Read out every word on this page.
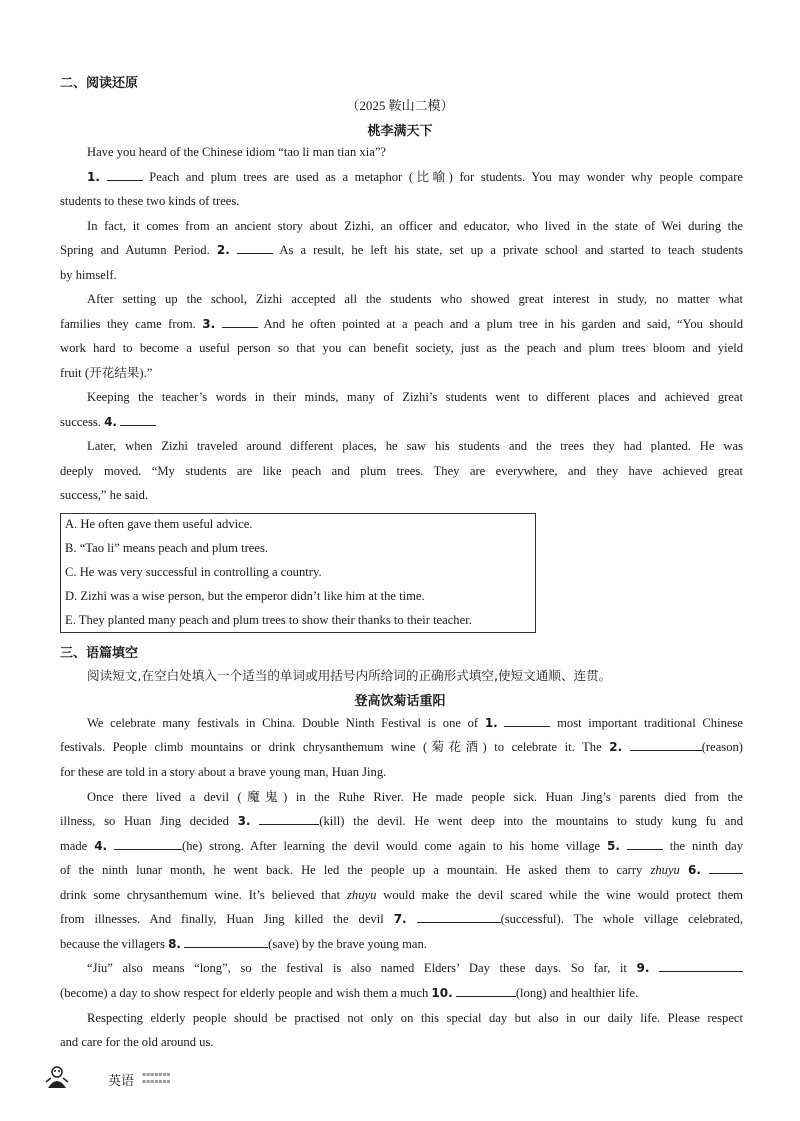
二、阅读还原
（2025 鞍山二模）
桃李满天下
Have you heard of the Chinese idiom “tao li man tian xia”?
1.	Peach and plum trees are used as a metaphor (比喻) for students. You may wonder why people compare
students to these two kinds of trees.
In fact, it comes from an ancient story about Zizhi, an officer and educator, who lived in the state of Wei during the
Spring and Autumn Period. 2.	As a result, he left his state, set up a private school and started to teach students
by himself.
After setting up the school, Zizhi accepted all the students who showed great interest in study, no matter what
families they came from. 3.	And he often pointed at a peach and a plum tree in his garden and said, “You should
work hard to become a useful person so that you can benefit society, just as the peach and plum trees bloom and yield
fruit (开花结果).”
Keeping the teacher’s words in their minds, many of Zizhi’s students went to different places and achieved great
success. 4.
Later, when Zizhi traveled around different places, he saw his students and the trees they had planted. He was
deeply moved. “My students are like peach and plum trees. They are everywhere, and they have achieved great
success,” he said.
A. He often gave them useful advice.
B. “Tao li” means peach and plum trees.
C. He was very successful in controlling a country.
D. Zizhi was a wise person, but the emperor didn’t like him at the time.
E. They planted many peach and plum trees to show their thanks to their teacher.
三、语篇填空
阅读短文,在空白处填入一个适当的单词或用括号内所给词的正确形式填空,使短文通顺、连贯。
登高饮菊话重阳
We celebrate many festivals in China. Double Ninth Festival is one of 1.	most important traditional Chinese
festivals. People climb mountains or drink chrysanthemum wine (菊花酒) to celebrate it. The 2.	(reason)
for these are told in a story about a brave young man, Huan Jing.
Once there lived a devil (魔鬼) in the Ruhe River. He made people sick. Huan Jing’s parents died from the
illness, so Huan Jing decided 3.	(kill) the devil. He went deep into the mountains to study kung fu and
made 4.	(he) strong. After learning the devil would come again to his home village 5.	the ninth day
of the ninth lunar month, he went back. He led the people up a mountain. He asked them to carry zhuyu 6.
drink some chrysanthemum wine. It’s believed that zhuyu would make the devil scared while the wine would protect them
from illnesses. And finally, Huan Jing killed the devil 7.	(successful). The whole village celebrated,
because the villagers 8.	(save) by the brave young man.
“Jiu” also means “long”, so the festival is also named Elders’ Day these days. So far, it 9.
(become) a day to show respect for elderly people and wish them a much 10.	(long) and healthier life.
Respecting elderly people should be practised not only on this special day but also in our daily life. Please respect
and care for the old around us.
英语 ▪▪▪▪▪▪▪
▪▪▪▪▪▪▪
